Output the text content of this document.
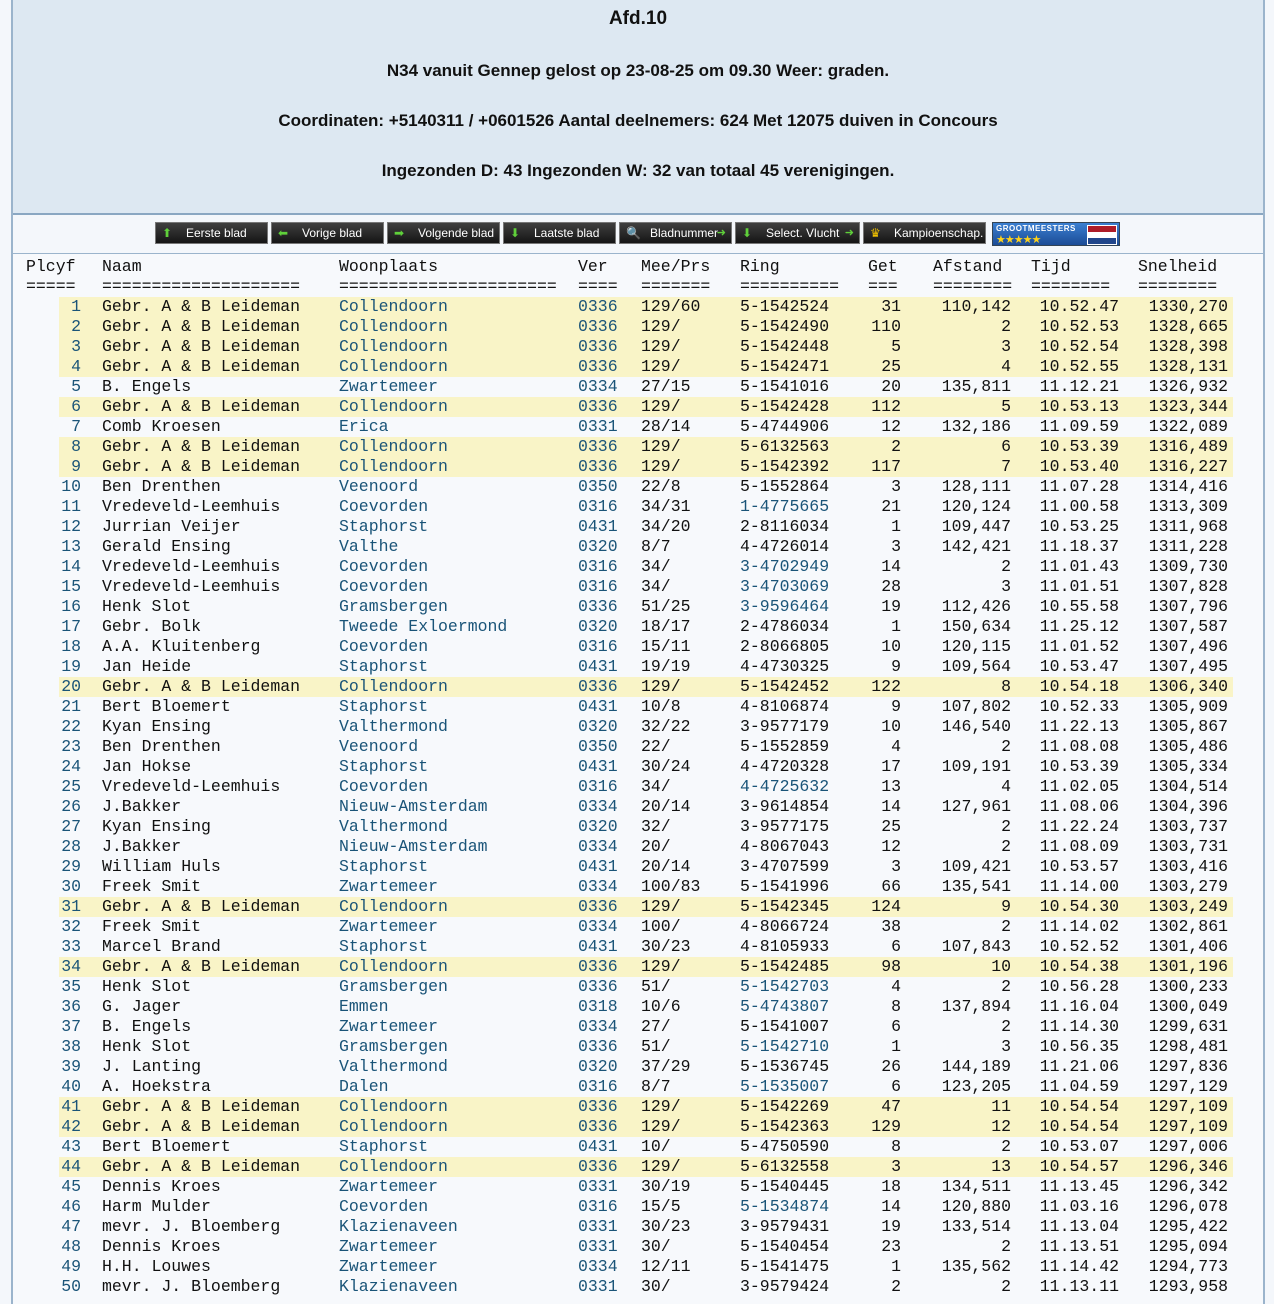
Afd.10
N34 vanuit Gennep gelost op 23-08-25 om 09.30 Weer: graden.
Coordinaten: +5140311 / +0601526 Aantal deelnemers: 624 Met 12075 duiven in Concours
Ingezonden D: 43 Ingezonden W: 32 van totaal 45 verenigingen.
⬆ Eerste blad	⬅ Vorige blad	➡ Volgende blad ⬇ Laatste blad 🔍 Bladnummer
➜ ⬇ Select. Vlucht ➜ ♛ Kampioenschap. GROOTMEESTERS
★★★★★
Plcyf Naam	Woonplaats	Ver Mee/Prs Ring	Get Afstand Tijd	Snelheid
===== ==================== ====================== ==== ======= ========== === ======== ======== ========
1 Gebr. A & B Leideman	Collendoorn	0336	129/60	5-1542524	31	110,142	10.52.47	1330,270
2 Gebr. A & B Leideman	Collendoorn	0336	129/	5-1542490	110	2	10.52.53	1328,665
3 Gebr. A & B Leideman	Collendoorn	0336	129/	5-1542448	5	3	10.52.54	1328,398
4 Gebr. A & B Leideman	Collendoorn	0336	129/	5-1542471	25	4	10.52.55	1328,131
5 B. Engels	Zwartemeer	0334	27/15	5-1541016	20	135,811	11.12.21	1326,932
6 Gebr. A & B Leideman	Collendoorn	0336	129/	5-1542428	112	5	10.53.13	1323,344
7 Comb Kroesen	Erica	0331	28/14	5-4744906	12	132,186	11.09.59	1322,089
8 Gebr. A & B Leideman	Collendoorn	0336	129/	5-6132563	2	6	10.53.39	1316,489
9 Gebr. A & B Leideman	Collendoorn	0336	129/	5-1542392	117	7	10.53.40	1316,227
10 Ben Drenthen	Veenoord	0350	22/8	5-1552864	3	128,111	11.07.28	1314,416
11 Vredeveld-Leemhuis	Coevorden	0316	34/31	1-4775665	21	120,124	11.00.58	1313,309
12 Jurrian Veijer	Staphorst	0431	34/20	2-8116034	1	109,447	10.53.25	1311,968
13 Gerald Ensing	Valthe	0320	8/7	4-4726014	3	142,421	11.18.37	1311,228
14 Vredeveld-Leemhuis	Coevorden	0316	34/	3-4702949	14	2	11.01.43	1309,730
15 Vredeveld-Leemhuis	Coevorden	0316	34/	3-4703069	28	3	11.01.51	1307,828
16 Henk Slot	Gramsbergen	0336	51/25	3-9596464	19	112,426	10.55.58	1307,796
17 Gebr. Bolk	Tweede Exloermond	0320	18/17	2-4786034	1	150,634	11.25.12	1307,587
18 A.A. Kluitenberg	Coevorden	0316	15/11	2-8066805	10	120,115	11.01.52	1307,496
19 Jan Heide	Staphorst	0431	19/19	4-4730325	9	109,564	10.53.47	1307,495
20 Gebr. A & B Leideman	Collendoorn	0336	129/	5-1542452	122	8	10.54.18	1306,340
21 Bert Bloemert	Staphorst	0431	10/8	4-8106874	9	107,802	10.52.33	1305,909
22 Kyan Ensing	Valthermond	0320	32/22	3-9577179	10	146,540	11.22.13	1305,867
23 Ben Drenthen	Veenoord	0350	22/	5-1552859	4	2	11.08.08	1305,486
24 Jan Hokse	Staphorst	0431	30/24	4-4720328	17	109,191	10.53.39	1305,334
25 Vredeveld-Leemhuis	Coevorden	0316	34/	4-4725632	13	4	11.02.05	1304,514
26 J.Bakker	Nieuw-Amsterdam	0334	20/14	3-9614854	14	127,961	11.08.06	1304,396
27 Kyan Ensing	Valthermond	0320	32/	3-9577175	25	2	11.22.24	1303,737
28 J.Bakker	Nieuw-Amsterdam	0334	20/	4-8067043	12	2	11.08.09	1303,731
29 William Huls	Staphorst	0431	20/14	3-4707599	3	109,421	10.53.57	1303,416
30 Freek Smit	Zwartemeer	0334	100/83	5-1541996	66	135,541	11.14.00	1303,279
31 Gebr. A & B Leideman	Collendoorn	0336	129/	5-1542345	124	9	10.54.30	1303,249
32 Freek Smit	Zwartemeer	0334	100/	4-8066724	38	2	11.14.02	1302,861
33 Marcel Brand	Staphorst	0431	30/23	4-8105933	6	107,843	10.52.52	1301,406
34 Gebr. A & B Leideman	Collendoorn	0336	129/	5-1542485	98	10	10.54.38	1301,196
35 Henk Slot	Gramsbergen	0336	51/	5-1542703	4	2	10.56.28	1300,233
36 G. Jager	Emmen	0318	10/6	5-4743807	8	137,894	11.16.04	1300,049
37 B. Engels	Zwartemeer	0334	27/	5-1541007	6	2	11.14.30	1299,631
38 Henk Slot	Gramsbergen	0336	51/	5-1542710	1	3	10.56.35	1298,481
39 J. Lanting	Valthermond	0320	37/29	5-1536745	26	144,189	11.21.06	1297,836
40 A. Hoekstra	Dalen	0316	8/7	5-1535007	6	123,205	11.04.59	1297,129
41 Gebr. A & B Leideman	Collendoorn	0336	129/	5-1542269	47	11	10.54.54	1297,109
42 Gebr. A & B Leideman	Collendoorn	0336	129/	5-1542363	129	12	10.54.54	1297,109
43 Bert Bloemert	Staphorst	0431	10/	5-4750590	8	2	10.53.07	1297,006
44 Gebr. A & B Leideman	Collendoorn	0336	129/	5-6132558	3	13	10.54.57	1296,346
45 Dennis Kroes	Zwartemeer	0331	30/19	5-1540445	18	134,511	11.13.45	1296,342
46 Harm Mulder	Coevorden	0316	15/5	5-1534874	14	120,880	11.03.16	1296,078
47 mevr. J. Bloemberg	Klazienaveen	0331	30/23	3-9579431	19	133,514	11.13.04	1295,422
48 Dennis Kroes	Zwartemeer	0331	30/	5-1540454	23	2	11.13.51	1295,094
49 H.H. Louwes	Zwartemeer	0334	12/11	5-1541475	1	135,562	11.14.42	1294,773
50 mevr. J. Bloemberg	Klazienaveen	0331	30/	3-9579424	2	2	11.13.11	1293,958
